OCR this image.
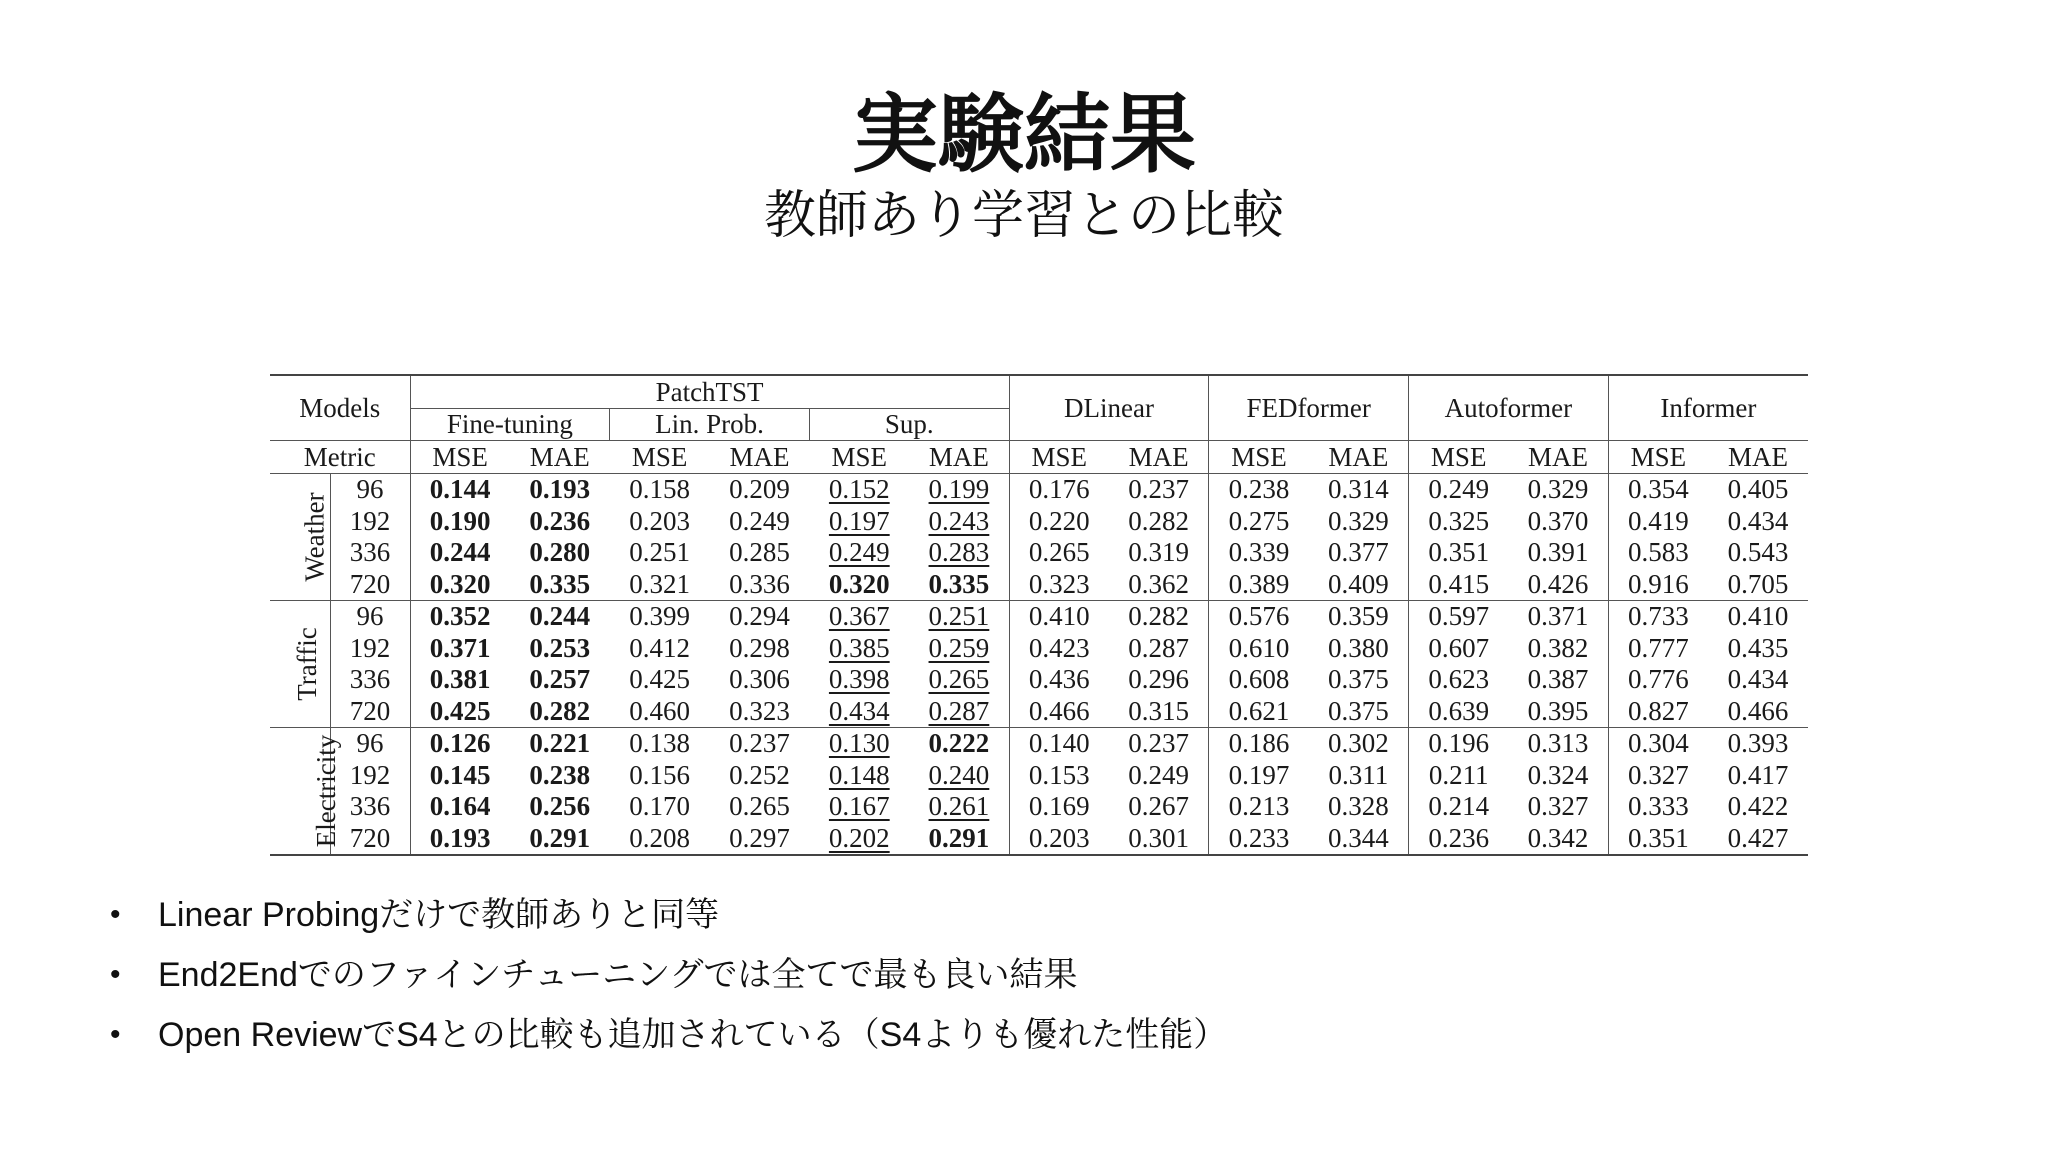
実験結果
教師あり学習との比較
Models		PatchTST						DLinear		FEDformer		Autoformer		Informer	
		Fine-tuning		Lin. Prob.		Sup.									
Metric		MSE	MAE	MSE	MAE	MSE	MAE	MSE	MAE	MSE	MAE	MSE	MAE	MSE	MAE
Weather	96	0.144	0.193	0.158	0.209	0.152	0.199	0.176	0.237	0.238	0.314	0.249	0.329	0.354	0.405
	192	0.190	0.236	0.203	0.249	0.197	0.243	0.220	0.282	0.275	0.329	0.325	0.370	0.419	0.434
	336	0.244	0.280	0.251	0.285	0.249	0.283	0.265	0.319	0.339	0.377	0.351	0.391	0.583	0.543
	720	0.320	0.335	0.321	0.336	0.320	0.335	0.323	0.362	0.389	0.409	0.415	0.426	0.916	0.705
Traffic	96	0.352	0.244	0.399	0.294	0.367	0.251	0.410	0.282	0.576	0.359	0.597	0.371	0.733	0.410
	192	0.371	0.253	0.412	0.298	0.385	0.259	0.423	0.287	0.610	0.380	0.607	0.382	0.777	0.435
	336	0.381	0.257	0.425	0.306	0.398	0.265	0.436	0.296	0.608	0.375	0.623	0.387	0.776	0.434
	720	0.425	0.282	0.460	0.323	0.434	0.287	0.466	0.315	0.621	0.375	0.639	0.395	0.827	0.466
Electricity	96	0.126	0.221	0.138	0.237	0.130	0.222	0.140	0.237	0.186	0.302	0.196	0.313	0.304	0.393
	192	0.145	0.238	0.156	0.252	0.148	0.240	0.153	0.249	0.197	0.311	0.211	0.324	0.327	0.417
	336	0.164	0.256	0.170	0.265	0.167	0.261	0.169	0.267	0.213	0.328	0.214	0.327	0.333	0.422
	720	0.193	0.291	0.208	0.297	0.202	0.291	0.203	0.301	0.233	0.344	0.236	0.342	0.351	0.427
• Linear Probingだけで教師ありと同等
• End2Endでのファインチューニングでは全てで最も良い結果
• Open ReviewでS4との比較も追加されている（S4よりも優れた性能）
